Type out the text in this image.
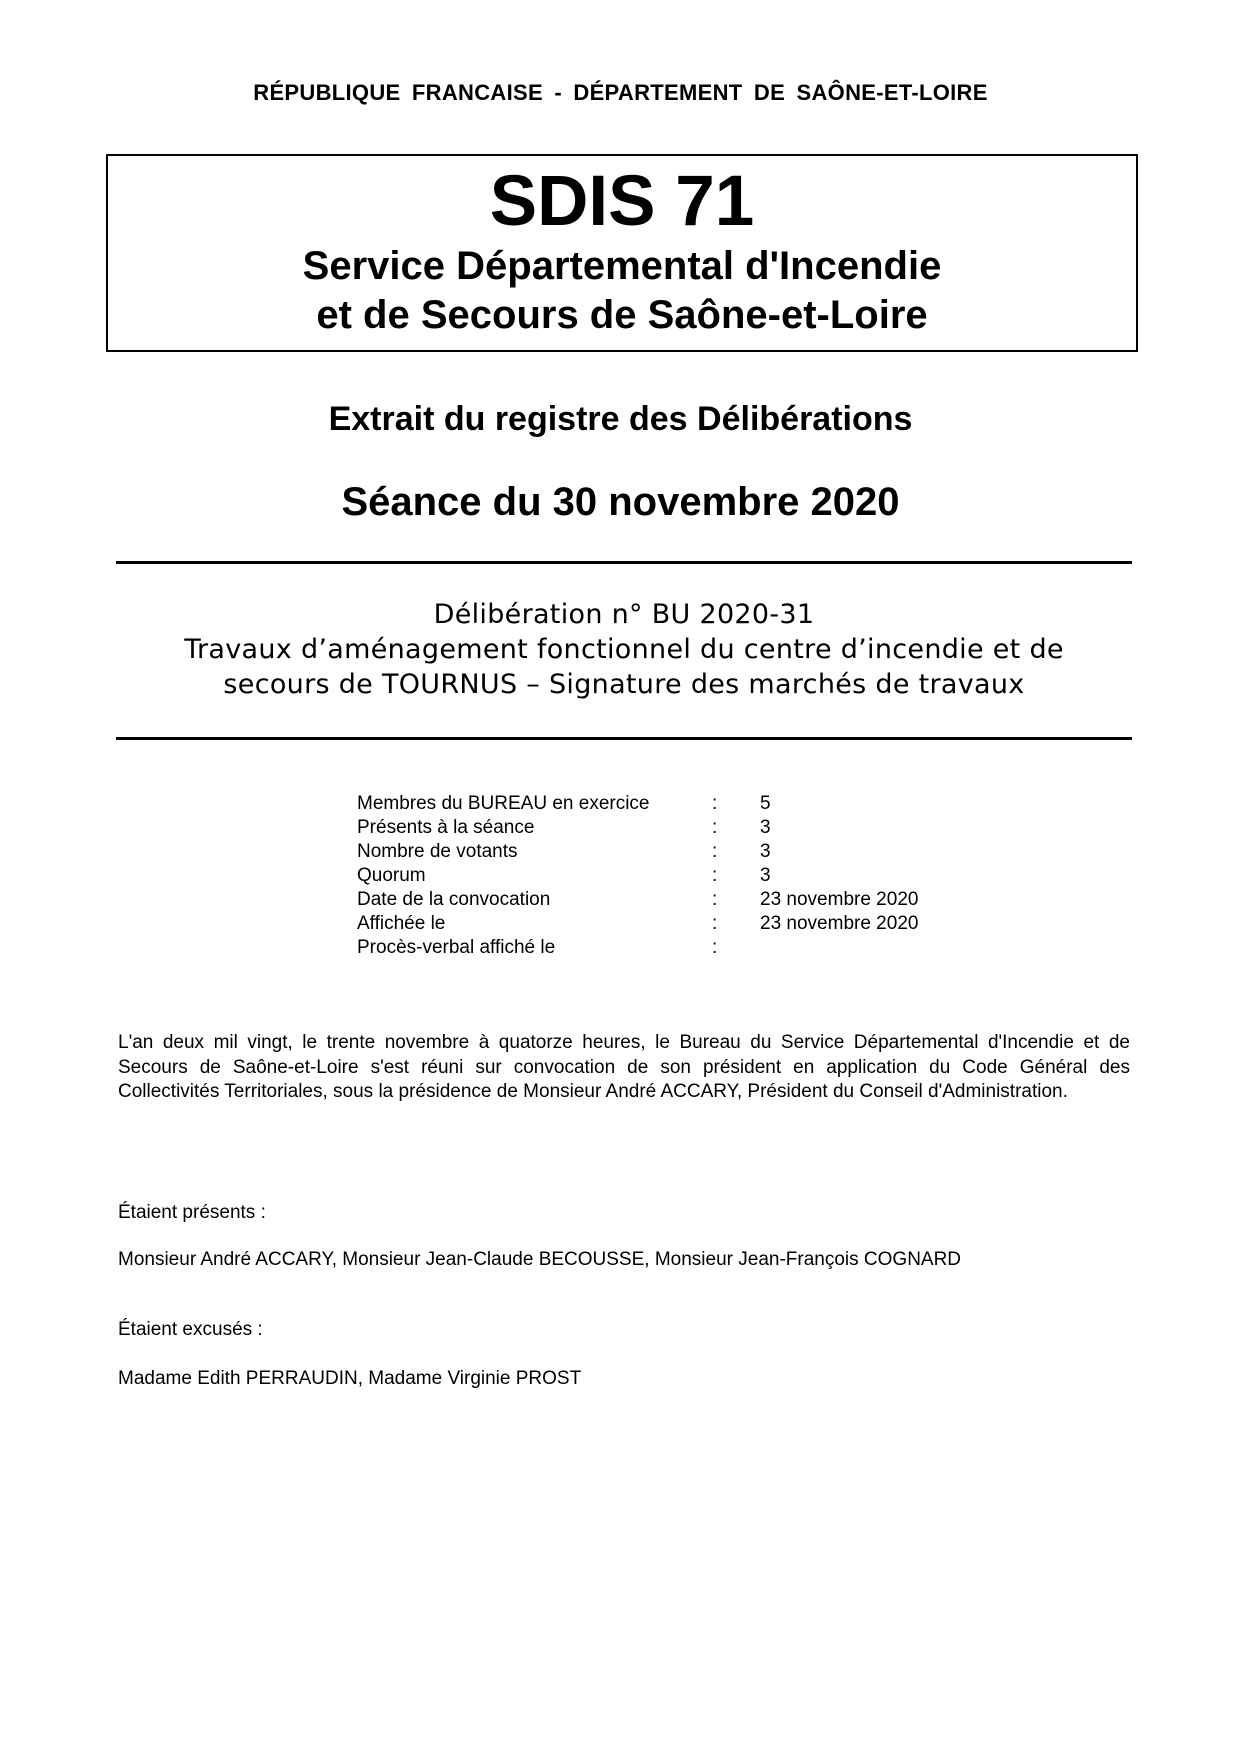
RÉPUBLIQUE FRANCAISE - DÉPARTEMENT DE SAÔNE-ET-LOIRE
SDIS 71
Service Départemental d'Incendie
et de Secours de Saône-et-Loire
Extrait du registre des Délibérations
Séance du 30 novembre 2020
Délibération n° BU 2020-31
Travaux d’aménagement fonctionnel du centre d’incendie et de
secours de TOURNUS – Signature des marchés de travaux
Membres du BUREAU en exercice	:	5
Présents à la séance	:	3
Nombre de votants	:	3
Quorum	:	3
Date de la convocation	:	23 novembre 2020
Affichée le	:	23 novembre 2020
Procès-verbal affiché le	:
L'an deux mil vingt, le trente novembre à quatorze heures, le Bureau du Service Départemental d'Incendie et de Secours de Saône-et-Loire s'est réuni sur convocation de son président en application du Code Général des Collectivités Territoriales, sous la présidence de Monsieur André ACCARY, Président du Conseil d'Administration.
Étaient présents :
Monsieur André ACCARY, Monsieur Jean-Claude BECOUSSE, Monsieur Jean-François COGNARD
Étaient excusés :
Madame Edith PERRAUDIN, Madame Virginie PROST
